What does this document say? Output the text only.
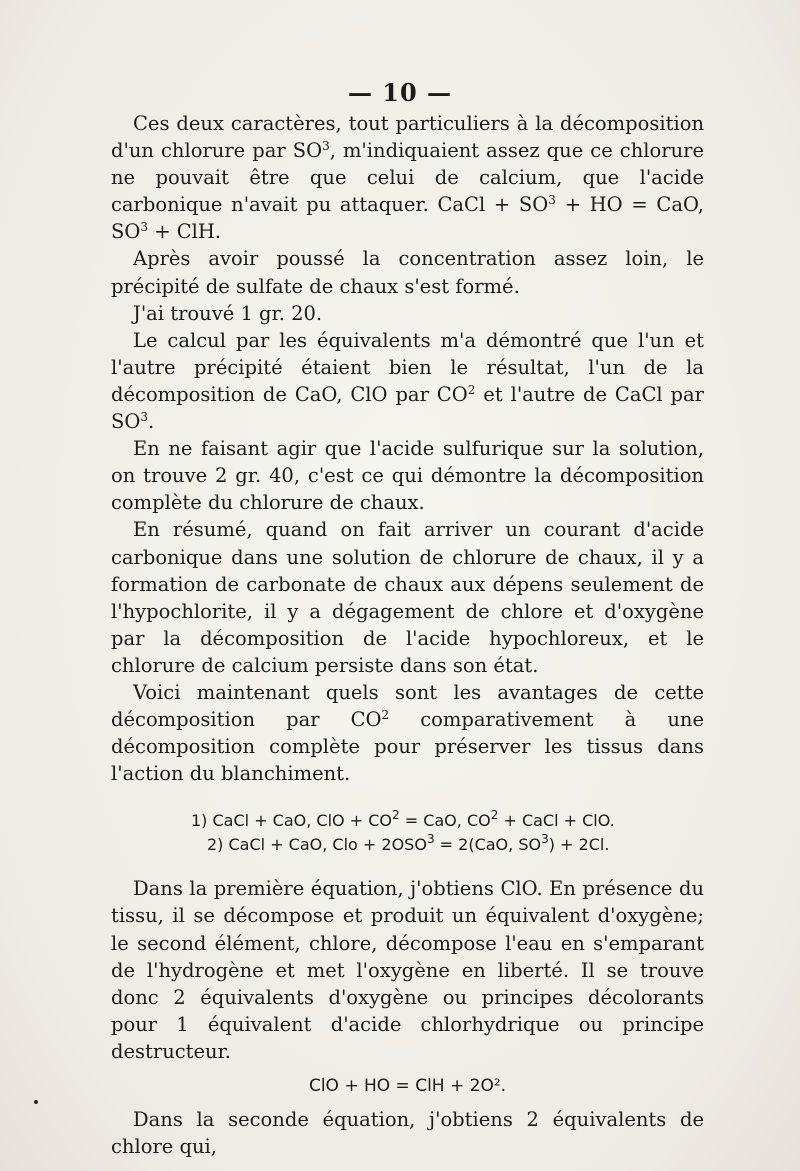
— 10 —

Ces deux caractères, tout particuliers à la décomposition d'un chlorure par $SO^3$, m'indiquaient assez que ce chlorure ne pouvait être que celui de calcium, que l'acide carbonique n'avait pu attaquer. CaCl + $SO^3$ + HO = CaO, $SO^3$ + ClH.

Après avoir poussé la concentration assez loin, le précipité de sulfate de chaux s'est formé.

J'ai trouvé 1 gr. 20.

Le calcul par les équivalents m'a démontré que l'un et l'autre précipité étaient bien le résultat, l'un de la décomposition de CaO, ClO par $CO^2$ et l'autre de CaCl par $SO^3$.

En ne faisant agir que l'acide sulfurique sur la solution, on trouve 2 gr. 40, c'est ce qui démontre la décomposition complète du chlorure de chaux.

En résumé, quand on fait arriver un courant d'acide carbonique dans une solution de chlorure de chaux, il y a formation de carbonate de chaux aux dépens seulement de l'hypochlorite, il y a dégagement de chlore et d'oxygène par la décomposition de l'acide hypochloreux, et le chlorure de calcium persiste dans son état.

Voici maintenant quels sont les avantages de cette décomposition par $CO^2$ comparativement à une décomposition complète pour préserver les tissus dans l'action du blanchiment.

1) CaCl + CaO, ClO + $CO^2$ = CaO, $CO^2$ + CaCl + ClO.
2) CaCl + CaO, Clo + $2OSO^3 = 2(CaO$, $SO^3) + 2Cl$.

Dans la première équation, j'obtiens ClO. En présence du tissu, il se décompose et produit un équivalent d'oxygène; le second élément, chlore, décompose l'eau en s'emparant de l'hydrogène et met l'oxygène en liberté. Il se trouve donc 2 équivalents d'oxygène ou principes décolorants pour 1 équivalent d'acide chlorhydrique ou principe destructeur.

ClO + HO = ClH + 2O².

Dans la seconde équation, j'obtiens 2 équivalents de chlore qui,
